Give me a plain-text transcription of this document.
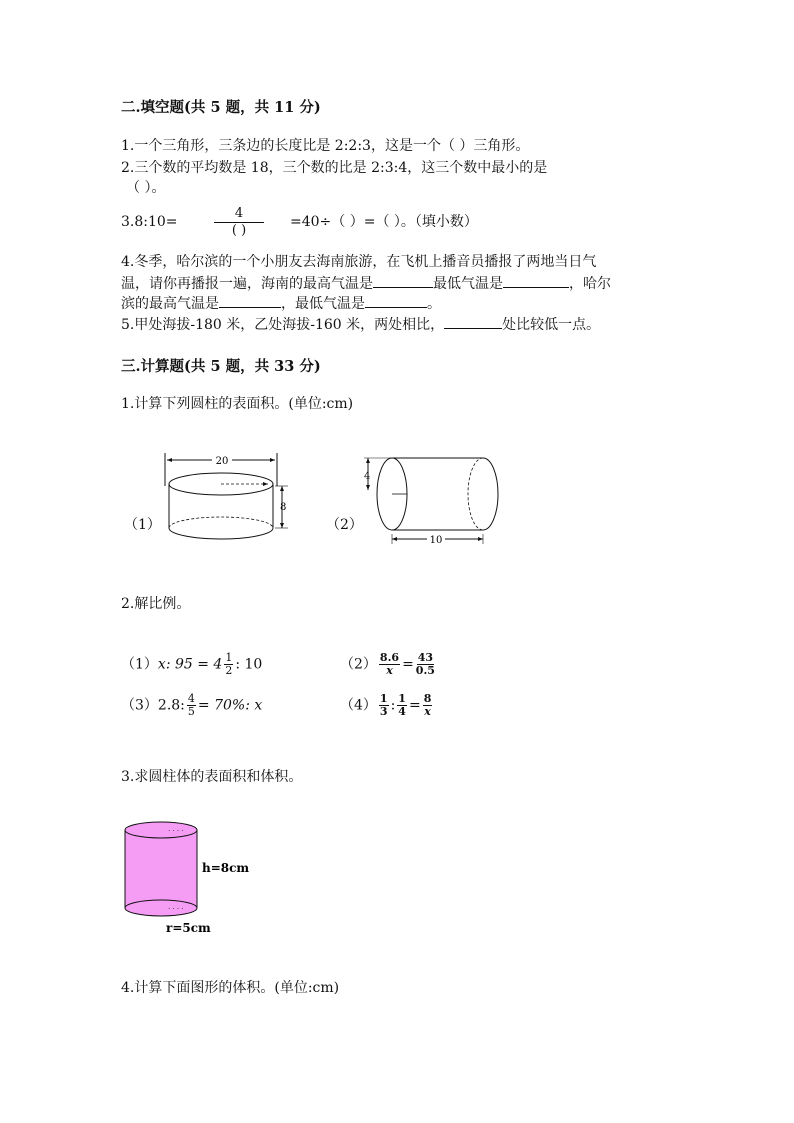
二.填空题(共 5 题，共 11 分)
1.一个三角形，三条边的长度比是 2:2:3，这是一个（ ）三角形。
2.三个数的平均数是 18，三个数的比是 2:3:4，这三个数中最小的是
（ ）。
3.8:10=
4
( )
=40÷（ ）=（ ）。（填小数）
4.冬季，哈尔滨的一个小朋友去海南旅游，在飞机上播音员播报了两地当日气
温，请你再播报一遍，海南的最高气温是	最低气温是	，哈尔
滨的最高气温是	，最低气温是	。
5.甲处海拔-180 米，乙处海拔-160 米，两处相比，	处比较低一点。
三.计算题(共 5 题，共 33 分)
1.计算下列圆柱的表面积。(单位:cm)
（1）
20
8
（2）
4
10
2.解比例。
（1）x: $95 = 4 \frac{1}{2}$ : 10	$(2) \frac{8.6}{x} = \frac{43}{0.5}$
（3）2.8: $\frac{4}{5} = 70\%$: x	$(4) \frac{1}{3}$ : $\frac{1}{4} = \frac{8}{x}$
3.求圆柱体的表面积和体积。
· · · ·
· · · ·
h=8cm
r=5cm
4.计算下面图形的体积。(单位:cm)
